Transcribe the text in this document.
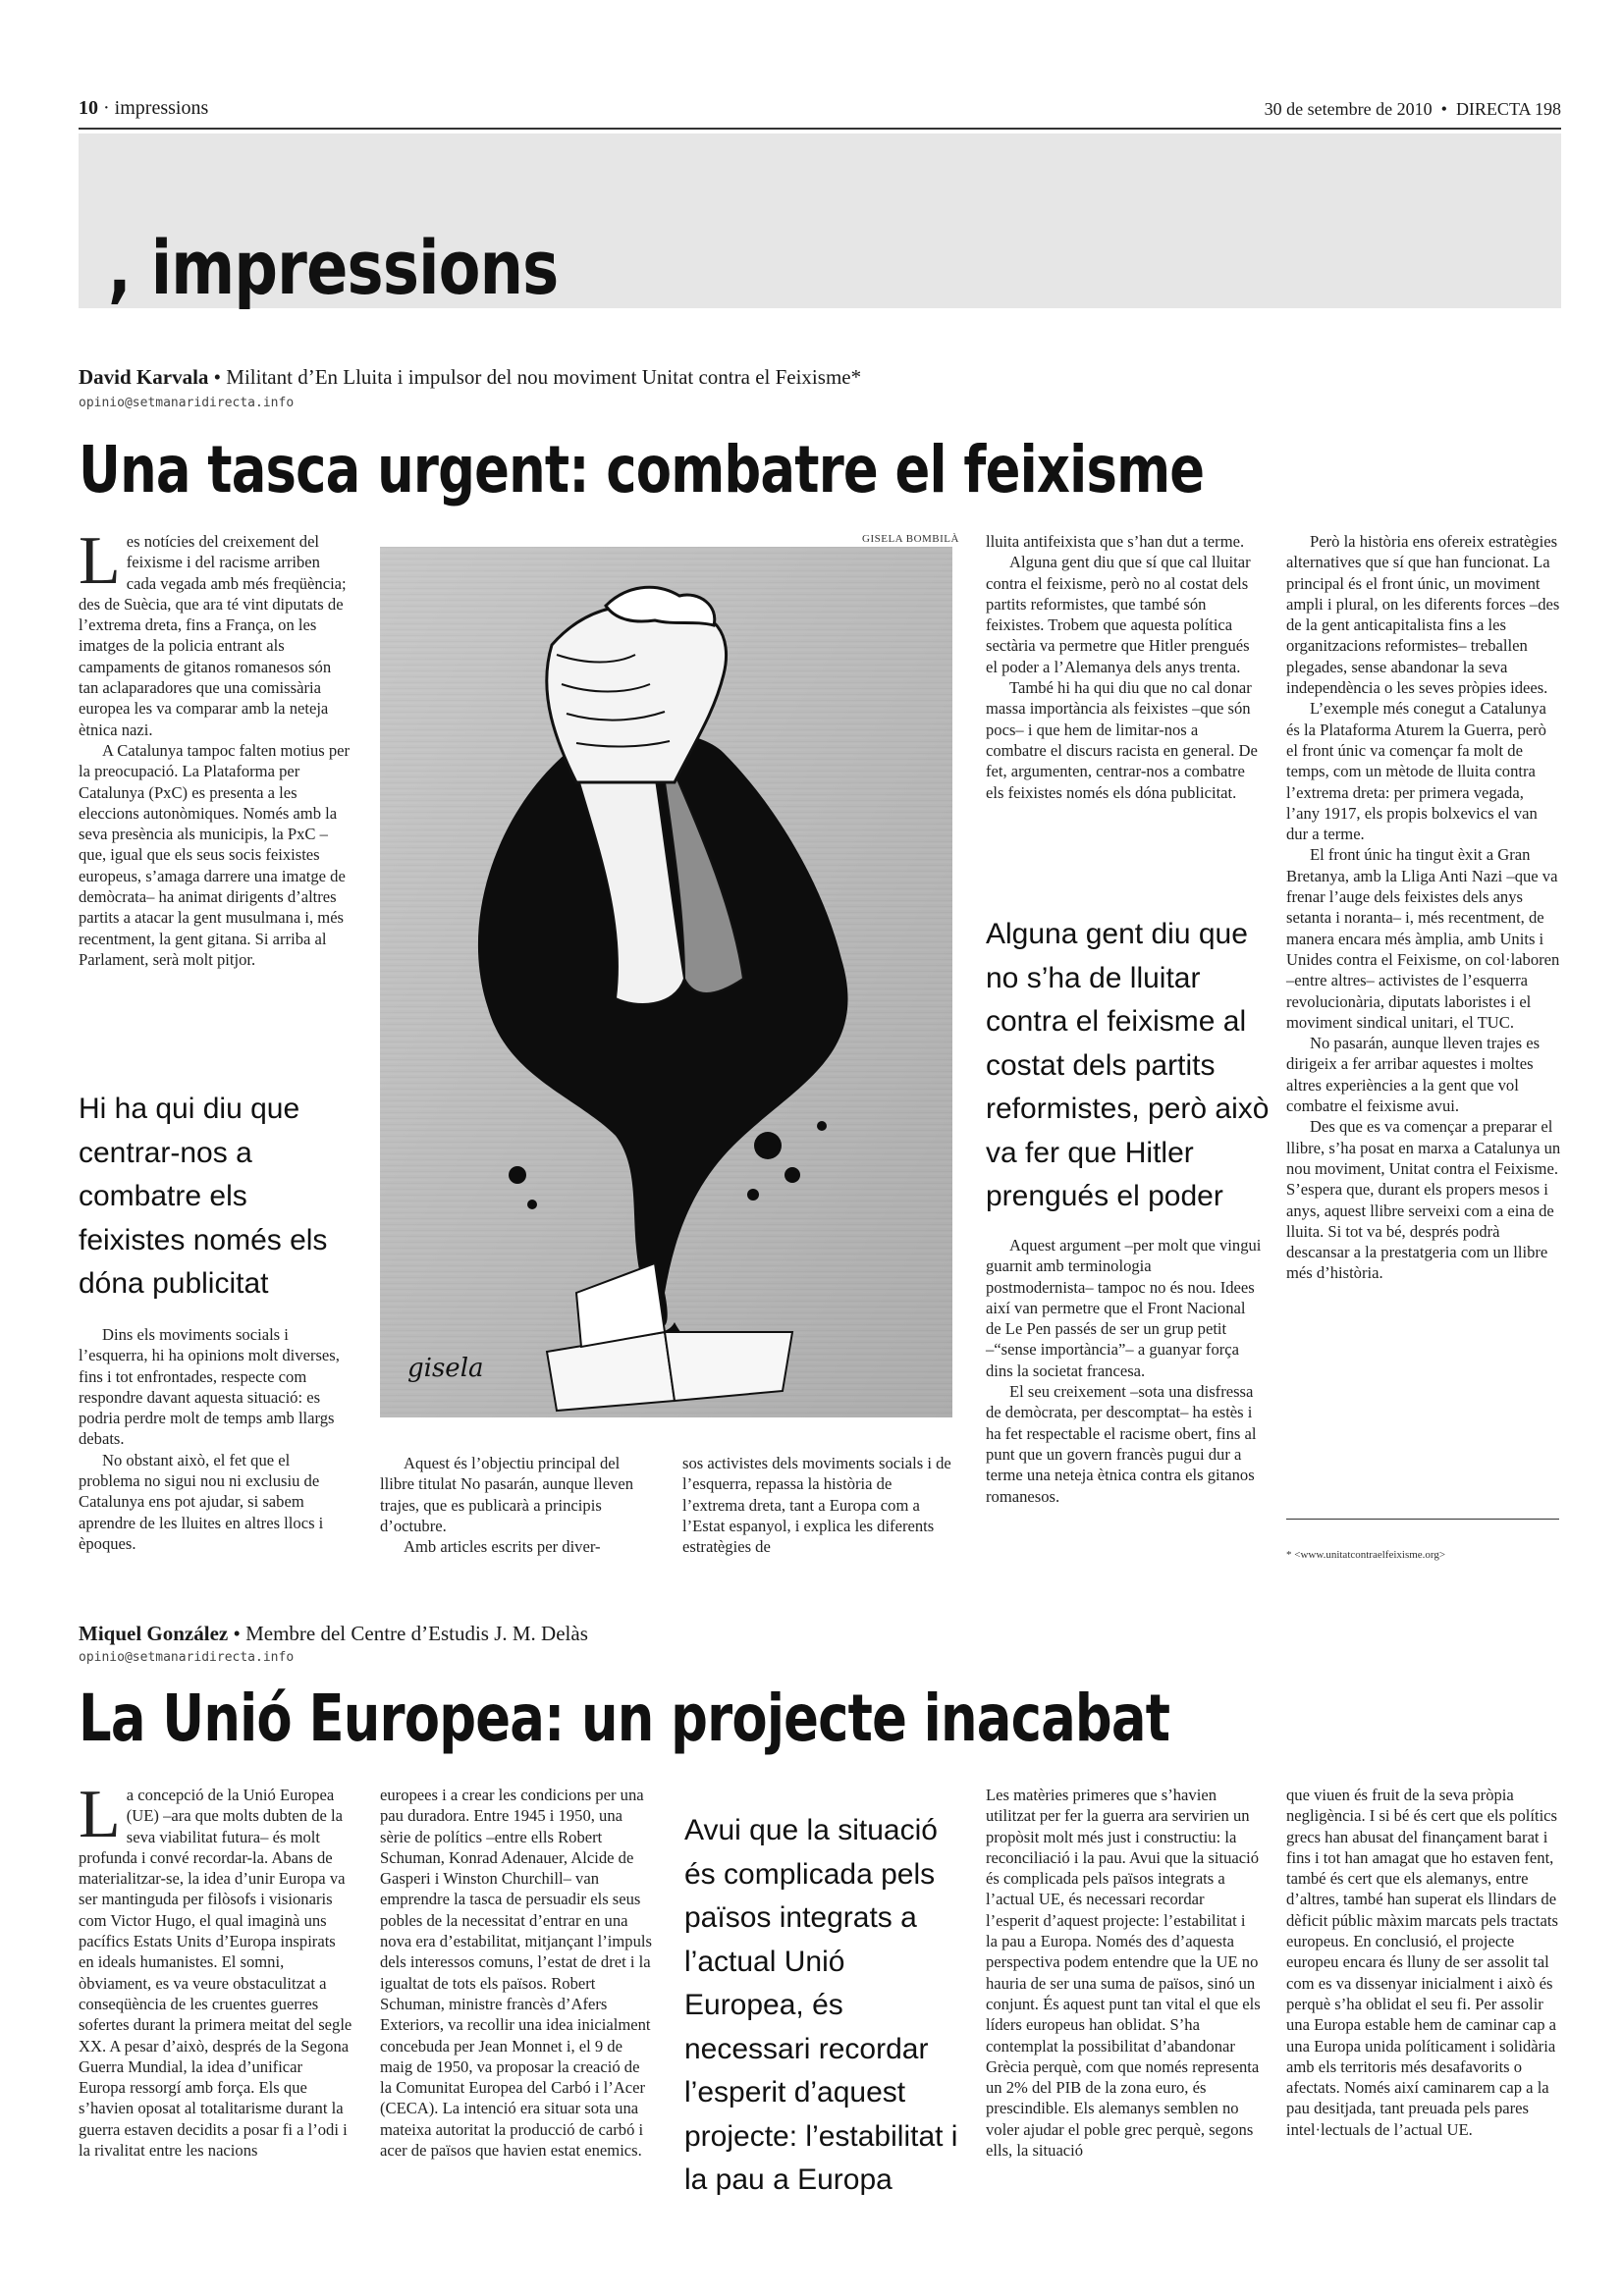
10 · impressions	30 de setembre de 2010 • DIRECTA 198
, impressions
David Karvala • Militant d’En Lluita i impulsor del nou moviment Unitat contra el Feixisme*
opinio@setmanaridirecta.info
Una tasca urgent: combatre el feixisme

Les notícies del creixement del feixisme i del racisme arriben cada vegada amb més freqüència; des de Suècia, que ara té vint diputats de l’extrema dreta, fins a França, on les imatges de la policia entrant als campaments de gitanos romanesos són tan aclaparadores que una comissària europea les va comparar amb la neteja ètnica nazi.

A Catalunya tampoc falten motius per la preocupació. La Plataforma per Catalunya (PxC) es presenta a les eleccions autonòmiques. Només amb la seva presència als municipis, la PxC –que, igual que els seus socis feixistes europeus, s’amaga darrere una imatge de demòcrata– ha animat dirigents d’altres partits a atacar la gent musulmana i, més recentment, la gent gitana. Si arriba al Parlament, serà molt pitjor.

Hi ha qui diu que centrar-nos a combatre els feixistes només els dóna publicitat

Dins els moviments socials i l’esquerra, hi ha opinions molt diverses, fins i tot enfrontades, respecte com respondre davant aquesta situació: es podria perdre molt de temps amb llargs debats.

No obstant això, el fet que el problema no sigui nou ni exclusiu de Catalunya ens pot ajudar, si sabem aprendre de les lluites en altres llocs i èpoques.

GISELA BOMBILÀ
gisela

Aquest és l’objectiu principal del llibre titulat No pasarán, aunque lleven trajes, que es publicarà a principis d’octubre.

Amb articles escrits per diver-

sos activistes dels moviments socials i de l’esquerra, repassa la història de l’extrema dreta, tant a Europa com a l’Estat espanyol, i explica les diferents estratègies de

lluita antifeixista que s’han dut a terme.

Alguna gent diu que sí que cal lluitar contra el feixisme, però no al costat dels partits reformistes, que també són feixistes. Trobem que aquesta política sectària va permetre que Hitler prengués el poder a l’Alemanya dels anys trenta.

També hi ha qui diu que no cal donar massa importància als feixistes –que són pocs– i que hem de limitar-nos a combatre el discurs racista en general. De fet, argumenten, centrar-nos a combatre els feixistes només els dóna publicitat.

Alguna gent diu que no s’ha de lluitar contra el feixisme al costat dels partits reformistes, però això va fer que Hitler prengués el poder

Aquest argument –per molt que vingui guarnit amb terminologia postmodernista– tampoc no és nou. Idees així van permetre que el Front Nacional de Le Pen passés de ser un grup petit –“sense importància”– a guanyar força dins la societat francesa.

El seu creixement –sota una disfressa de demòcrata, per descomptat– ha estès i ha fet respectable el racisme obert, fins al punt que un govern francès pugui dur a terme una neteja ètnica contra els gitanos romanesos.

Però la història ens ofereix estratègies alternatives que sí que han funcionat. La principal és el front únic, un moviment ampli i plural, on les diferents forces –des de la gent anticapitalista fins a les organitzacions reformistes– treballen plegades, sense abandonar la seva independència o les seves pròpies idees.

L’exemple més conegut a Catalunya és la Plataforma Aturem la Guerra, però el front únic va començar fa molt de temps, com un mètode de lluita contra l’extrema dreta: per primera vegada, l’any 1917, els propis bolxevics el van dur a terme.

El front únic ha tingut èxit a Gran Bretanya, amb la Lliga Anti Nazi –que va frenar l’auge dels feixistes dels anys setanta i noranta– i, més recentment, de manera encara més àmplia, amb Units i Unides contra el Feixisme, on col·laboren –entre altres– activistes de l’esquerra revolucionària, diputats laboristes i el moviment sindical unitari, el TUC.

No pasarán, aunque lleven trajes es dirigeix a fer arribar aquestes i moltes altres experiències a la gent que vol combatre el feixisme avui.

Des que es va començar a preparar el llibre, s’ha posat en marxa a Catalunya un nou moviment, Unitat contra el Feixisme. S’espera que, durant els propers mesos i anys, aquest llibre serveixi com a eina de lluita. Si tot va bé, després podrà descansar a la prestatgeria com un llibre més d’història.

* <www.unitatcontraelfeixisme.org>
Miquel González • Membre del Centre d’Estudis J. M. Delàs
opinio@setmanaridirecta.info
La Unió Europea: un projecte inacabat

La concepció de la Unió Europea (UE) –ara que molts dubten de la seva viabilitat futura– és molt profunda i convé recordar-la. Abans de materialitzar-se, la idea d’unir Europa va ser mantinguda per filòsofs i visionaris com Victor Hugo, el qual imaginà uns pacífics Estats Units d’Europa inspirats en ideals humanistes. El somni, òbviament, es va veure obstaculitzat a conseqüència de les cruentes guerres sofertes durant la primera meitat del segle XX. A pesar d’això, després de la Segona Guerra Mundial, la idea d’unificar Europa ressorgí amb força. Els que s’havien oposat al totalitarisme durant la guerra estaven decidits a posar fi a l’odi i la rivalitat entre les nacions

europees i a crear les condicions per una pau duradora. Entre 1945 i 1950, una sèrie de polítics –entre ells Robert Schuman, Konrad Adenauer, Alcide de Gasperi i Winston Churchill– van emprendre la tasca de persuadir els seus pobles de la necessitat d’entrar en una nova era d’estabilitat, mitjançant l’impuls dels interessos comuns, l’estat de dret i la igualtat de tots els països. Robert Schuman, ministre francès d’Afers Exteriors, va recollir una idea inicialment concebuda per Jean Monnet i, el 9 de maig de 1950, va proposar la creació de la Comunitat Europea del Carbó i l’Acer (CECA). La intenció era situar sota una mateixa autoritat la producció de carbó i acer de països que havien estat enemics.

Avui que la situació és complicada pels països integrats a l’actual Unió Europea, és necessari recordar l’esperit d’aquest projecte: l’estabilitat i la pau a Europa

Les matèries primeres que s’havien utilitzat per fer la guerra ara servirien un propòsit molt més just i constructiu: la reconciliació i la pau. Avui que la situació és complicada pels països integrats a l’actual UE, és necessari recordar l’esperit d’aquest projecte: l’estabilitat i la pau a Europa. Només des d’aquesta perspectiva podem entendre que la UE no hauria de ser una suma de països, sinó un conjunt. És aquest punt tan vital el que els líders europeus han oblidat. S’ha contemplat la possibilitat d’abandonar Grècia perquè, com que només representa un 2% del PIB de la zona euro, és prescindible. Els alemanys semblen no voler ajudar el poble grec perquè, segons ells, la situació

que viuen és fruit de la seva pròpia negligència. I si bé és cert que els polítics grecs han abusat del finançament barat i fins i tot han amagat que ho estaven fent, també és cert que els alemanys, entre d’altres, també han superat els llindars de dèficit públic màxim marcats pels tractats europeus. En conclusió, el projecte europeu encara és lluny de ser assolit tal com es va dissenyar inicialment i això és perquè s’ha oblidat el seu fi. Per assolir una Europa estable hem de caminar cap a una Europa unida políticament i solidària amb els territoris més desafavorits o afectats. Només així caminarem cap a la pau desitjada, tant preuada pels pares intel·lectuals de l’actual UE.
